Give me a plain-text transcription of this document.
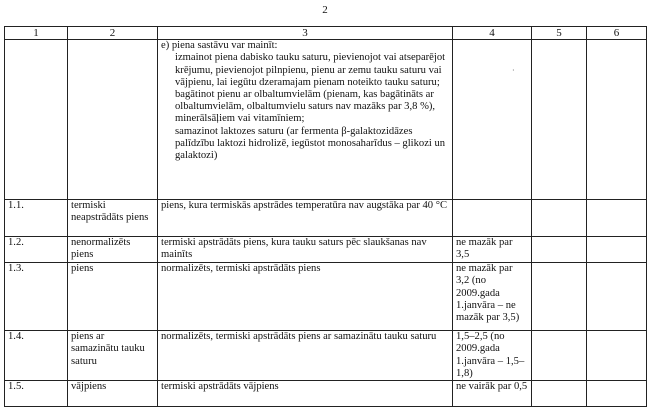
2
·
1	2	3	4	5	6

		e) piena sastāvu var mainīt:

izmainot piena dabisko tauku saturu, pievienojot vai atseparējot krējumu, pievienojot pilnpienu, pienu ar zemu tauku saturu vai vājpienu, lai iegūtu dzeramajam pienam noteikto tauku saturu;

bagātinot pienu ar olbaltumvielām (pienam, kas bagātināts ar olbaltumvielām, olbaltumvielu saturs nav mazāks par 3,8 %), minerālsāļiem vai vitamīniem;

samazinot laktozes saturu (ar fermenta β-galaktozidāzes palīdzību laktozi hidrolizē, iegūstot monosaharīdus – glikozi un galaktozi)			

1.1.	termiski neapstrādāts piens	piens, kura termiskās apstrādes temperatūra nav augstāka par 40 °C			
1.2.	nenormalizēts piens	termiski apstrādāts piens, kura tauku saturs pēc slaukšanas nav mainīts	ne mazāk par 3,5		
1.3.	piens	normalizēts, termiski apstrādāts piens	ne mazāk par 3,2 (no 2009.gada 1.janvāra – ne mazāk par 3,5)		
1.4.	piens ar samazinātu tauku saturu	normalizēts, termiski apstrādāts piens ar samazinātu tauku saturu	1,5–2,5 (no 2009.gada 1.janvāra – 1,5–1,8)		
1.5.	vājpiens	termiski apstrādāts vājpiens	ne vairāk par 0,5		
